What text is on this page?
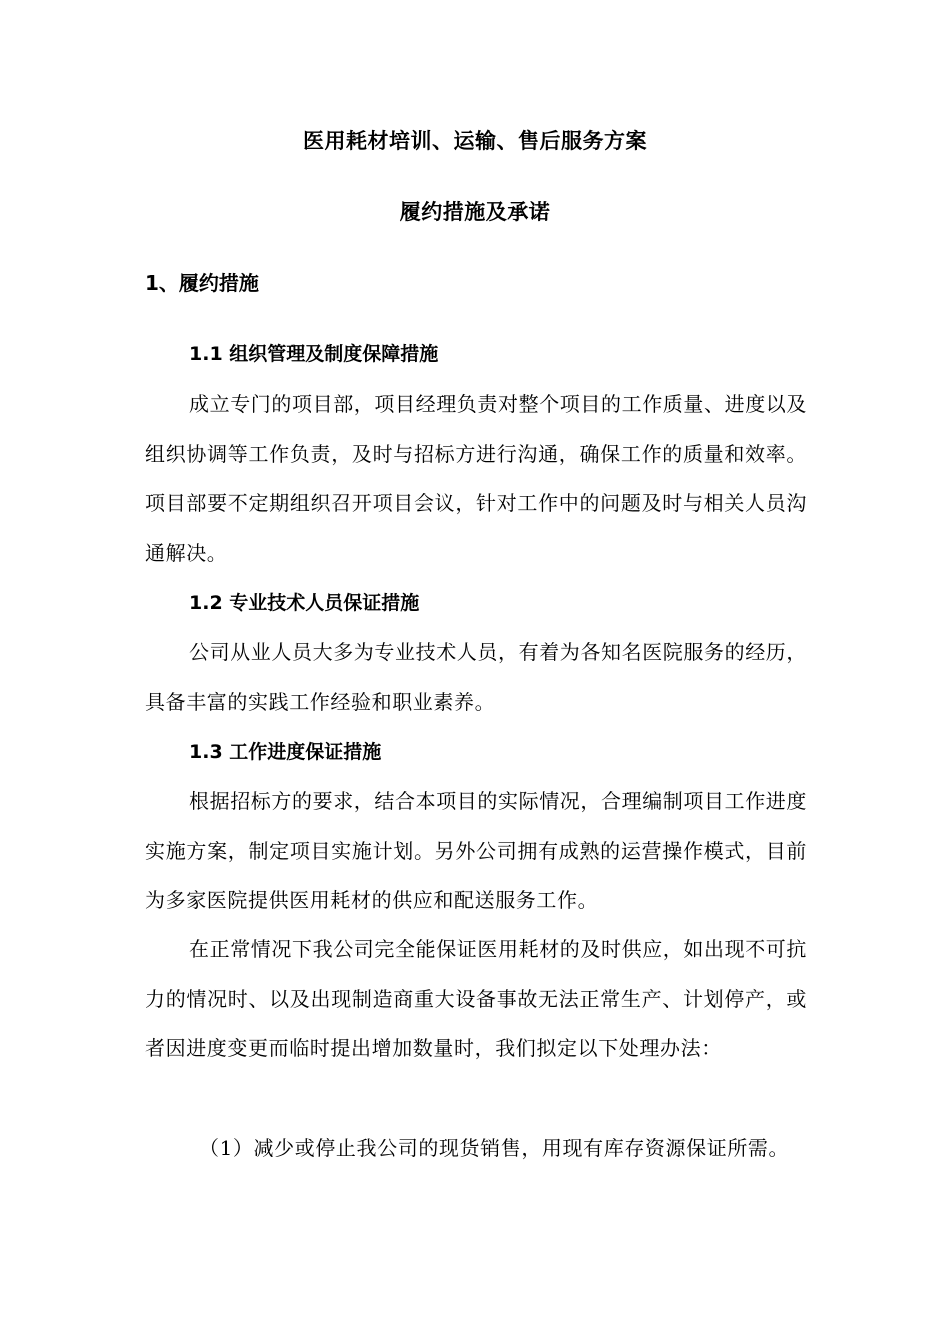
医用耗材培训、运输、售后服务方案
履约措施及承诺
1、履约措施
1.1 组织管理及制度保障措施

成立专门的项目部，项目经理负责对整个项目的工作质量、进度以及组织协调等工作负责，及时与招标方进行沟通，确保工作的质量和效率。项目部要不定期组织召开项目会议，针对工作中的问题及时与相关人员沟通解决。

1.2 专业技术人员保证措施

公司从业人员大多为专业技术人员，有着为各知名医院服务的经历，具备丰富的实践工作经验和职业素养。

1.3 工作进度保证措施

根据招标方的要求，结合本项目的实际情况，合理编制项目工作进度实施方案，制定项目实施计划。另外公司拥有成熟的运营操作模式，目前为多家医院提供医用耗材的供应和配送服务工作。

在正常情况下我公司完全能保证医用耗材的及时供应，如出现不可抗力的情况时、以及出现制造商重大设备事故无法正常生产、计划停产，或者因进度变更而临时提出增加数量时，我们拟定以下处理办法：

（1）减少或停止我公司的现货销售，用现有库存资源保证所需。
